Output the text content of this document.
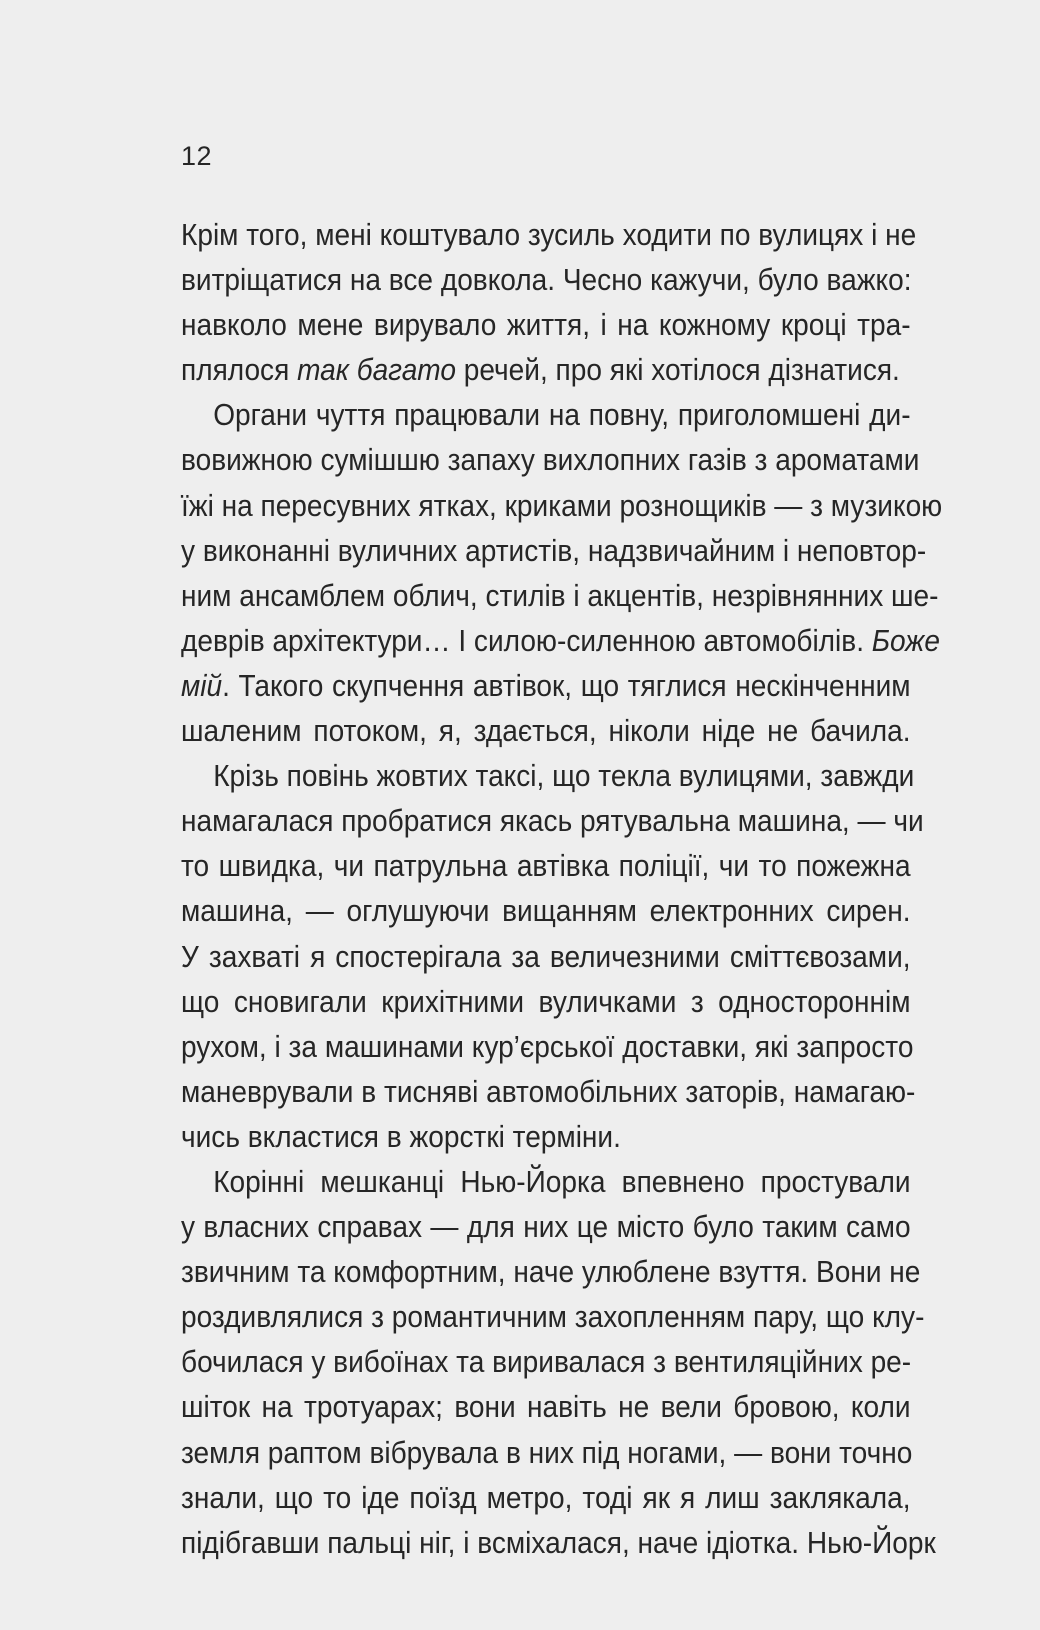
12
Крім того, мені коштувало зусиль ходити по вулицях і не
витріщатися на все довкола. Чесно кажучи, було важко:
навколо мене вирувало життя, і на кожному кроці тра-
плялося так багато речей, про які хотілося дізнатися.
Органи чуття працювали на повну, приголомшені ди-
вовижною сумішшю запаху вихлопних газів з ароматами
їжі на пересувних ятках, криками рознощиків — з музикою
у виконанні вуличних артистів, надзвичайним і неповтор-
ним ансамблем облич, стилів і акцентів, незрівнянних ше-
деврів архітектури… І силою-силенною автомобілів. Боже
мій. Такого скупчення автівок, що тяглися нескінченним
шаленим потоком, я, здається, ніколи ніде не бачила.
Крізь повінь жовтих таксі, що текла вулицями, завжди
намагалася пробратися якась рятувальна машина, — чи
то швидка, чи патрульна автівка поліції, чи то пожежна
машина, — оглушуючи вищанням електронних сирен.
У захваті я спостерігала за величезними сміттєвозами,
що сновигали крихітними вуличками з одностороннім
рухом, і за машинами кур’єрської доставки, які запросто
маневрували в тисняві автомобільних заторів, намагаю-
чись вкластися в жорсткі терміни.
Корінні мешканці Нью-Йорка впевнено простували
у власних справах — для них це місто було таким само
звичним та комфортним, наче улюблене взуття. Вони не
роздивлялися з романтичним захопленням пару, що клу-
бочилася у вибоїнах та виривалася з вентиляційних ре-
шіток на тротуарах; вони навіть не вели бровою, коли
земля раптом вібрувала в них під ногами, — вони точно
знали, що то іде поїзд метро, тоді як я лиш заклякала,
підібгавши пальці ніг, і всміхалася, наче ідіотка. Нью-Йорк
